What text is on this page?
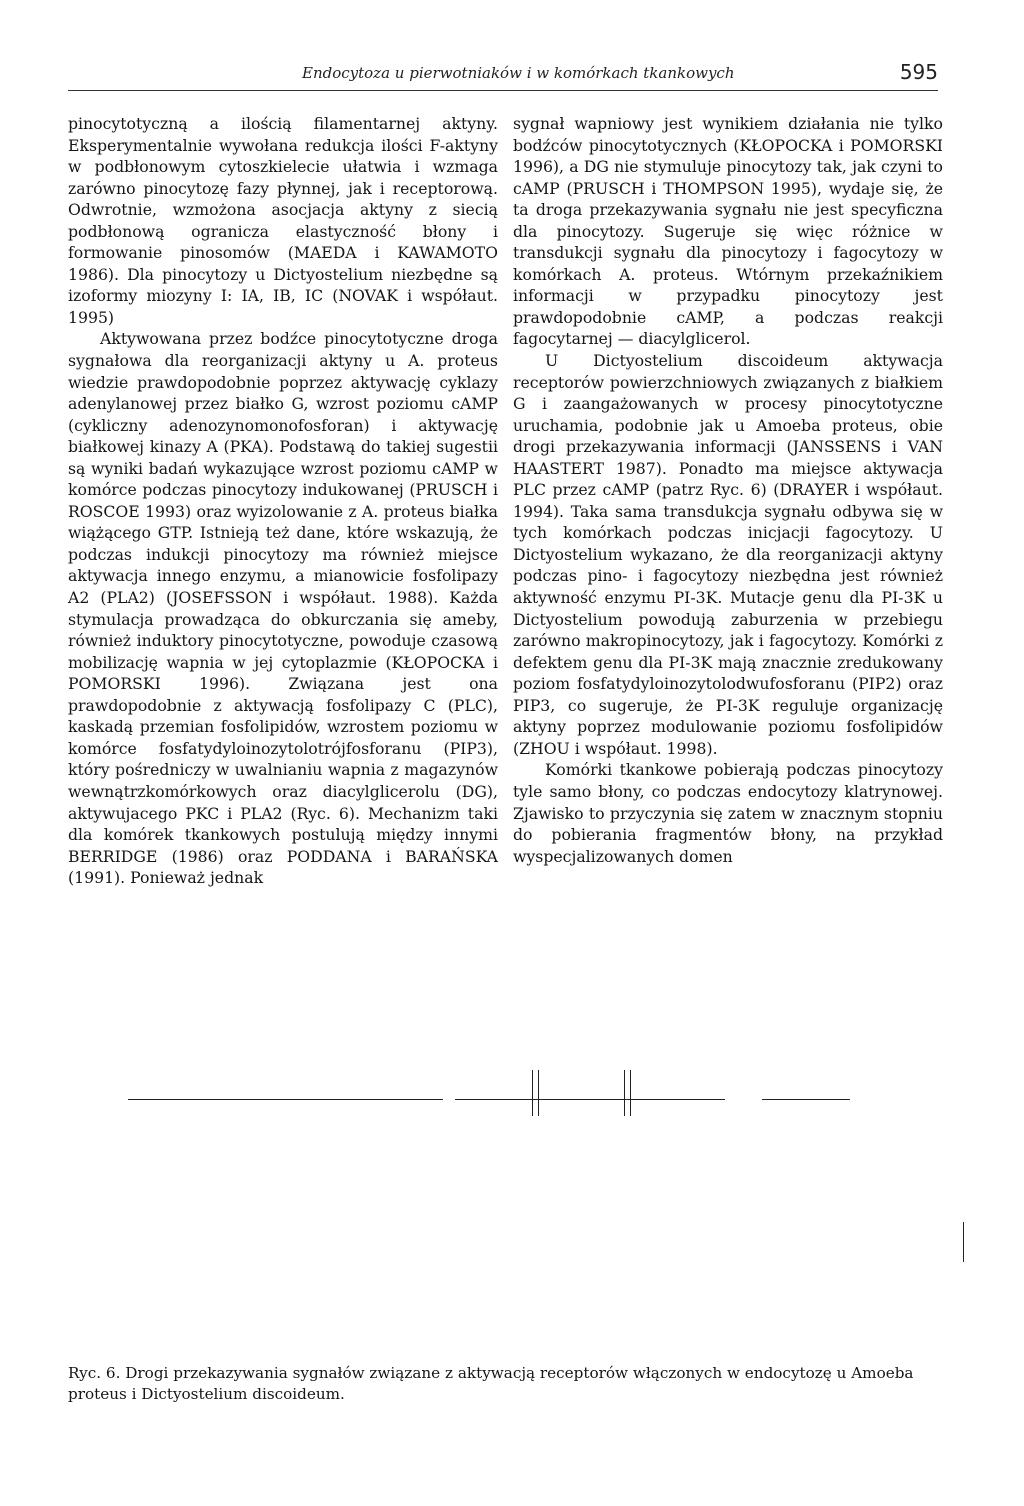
Endocytoza u pierwotniaków i w komórkach tkankowych	595

pinocytotyczną a ilością filamentarnej aktyny. Eksperymentalnie wywołana redukcja ilości F-aktyny w podbłonowym cytoszkielecie ułatwia i wzmaga zarówno pinocytozę fazy płynnej, jak i receptorową. Odwrotnie, wzmożona asocjacja aktyny z siecią podbłonową ogranicza elastyczność błony i formowanie pinosomów (MAEDA i KAWAMOTO 1986). Dla pinocytozy u Dictyostelium niezbędne są izoformy miozyny I: IA, IB, IC (NOVAK i współaut. 1995)

Aktywowana przez bodźce pinocytotyczne droga sygnałowa dla reorganizacji aktyny u A. proteus wiedzie prawdopodobnie poprzez aktywację cyklazy adenylanowej przez białko G, wzrost poziomu cAMP (cykliczny adenozynomonofosforan) i aktywację białkowej kinazy A (PKA). Podstawą do takiej sugestii są wyniki badań wykazujące wzrost poziomu cAMP w komórce podczas pinocytozy indukowanej (PRUSCH i ROSCOE 1993) oraz wyizolowanie z A. proteus białka wiążącego GTP. Istnieją też dane, które wskazują, że podczas indukcji pinocytozy ma również miejsce aktywacja innego enzymu, a mianowicie fosfolipazy A2 (PLA2) (JOSEFSSON i współaut. 1988). Każda stymulacja prowadząca do obkurczania się ameby, również induktory pinocytotyczne, powoduje czasową mobilizację wapnia w jej cytoplazmie (KŁOPOCKA i POMORSKI 1996). Związana jest ona prawdopodobnie z aktywacją fosfolipazy C (PLC), kaskadą przemian fosfolipidów, wzrostem poziomu w komórce fosfatydyloinozytolotrójfosforanu (PIP3), który pośredniczy w uwalnianiu wapnia z magazynów wewnątrzkomórkowych oraz diacylglicerolu (DG), aktywujacego PKC i PLA2 (Ryc. 6). Mechanizm taki dla komórek tkankowych postulują między innymi BERRIDGE (1986) oraz PODDANA i BARAŃSKA (1991). Ponieważ jednak

sygnał wapniowy jest wynikiem działania nie tylko bodźców pinocytotycznych (KŁOPOCKA i POMORSKI 1996), a DG nie stymuluje pinocytozy tak, jak czyni to cAMP (PRUSCH i THOMPSON 1995), wydaje się, że ta droga przekazywania sygnału nie jest specyficzna dla pinocytozy. Sugeruje się więc różnice w transdukcji sygnału dla pinocytozy i fagocytozy w komórkach A. proteus. Wtórnym przekaźnikiem informacji w przypadku pinocytozy jest prawdopodobnie cAMP, a podczas reakcji fagocytarnej — diacylglicerol.

U Dictyostelium discoideum aktywacja receptorów powierzchniowych związanych z białkiem G i zaangażowanych w procesy pinocytotyczne uruchamia, podobnie jak u Amoeba proteus, obie drogi przekazywania informacji (JANSSENS i VAN HAASTERT 1987). Ponadto ma miejsce aktywacja PLC przez cAMP (patrz Ryc. 6) (DRAYER i współaut. 1994). Taka sama transdukcja sygnału odbywa się w tych komórkach podczas inicjacji fagocytozy. U Dictyostelium wykazano, że dla reorganizacji aktyny podczas pino- i fagocytozy niezbędna jest również aktywność enzymu PI-3K. Mutacje genu dla PI-3K u Dictyostelium powodują zaburzenia w przebiegu zarówno makropinocytozy, jak i fagocytozy. Komórki z defektem genu dla PI-3K mają znacznie zredukowany poziom fosfatydyloinozytolodwufosforanu (PIP2) oraz PIP3, co sugeruje, że PI-3K reguluje organizację aktyny poprzez modulowanie poziomu fosfolipidów (ZHOU i współaut. 1998).

Komórki tkankowe pobierają podczas pinocytozy tyle samo błony, co podczas endocytozy klatrynowej. Zjawisko to przyczynia się zatem w znacznym stopniu do pobierania fragmentów błony, na przykład wyspecjalizowanych domen

Ryc. 6. Drogi przekazywania sygnałów związane z aktywacją receptorów włączonych w endocytozę u Amoeba proteus i Dictyostelium discoideum.
